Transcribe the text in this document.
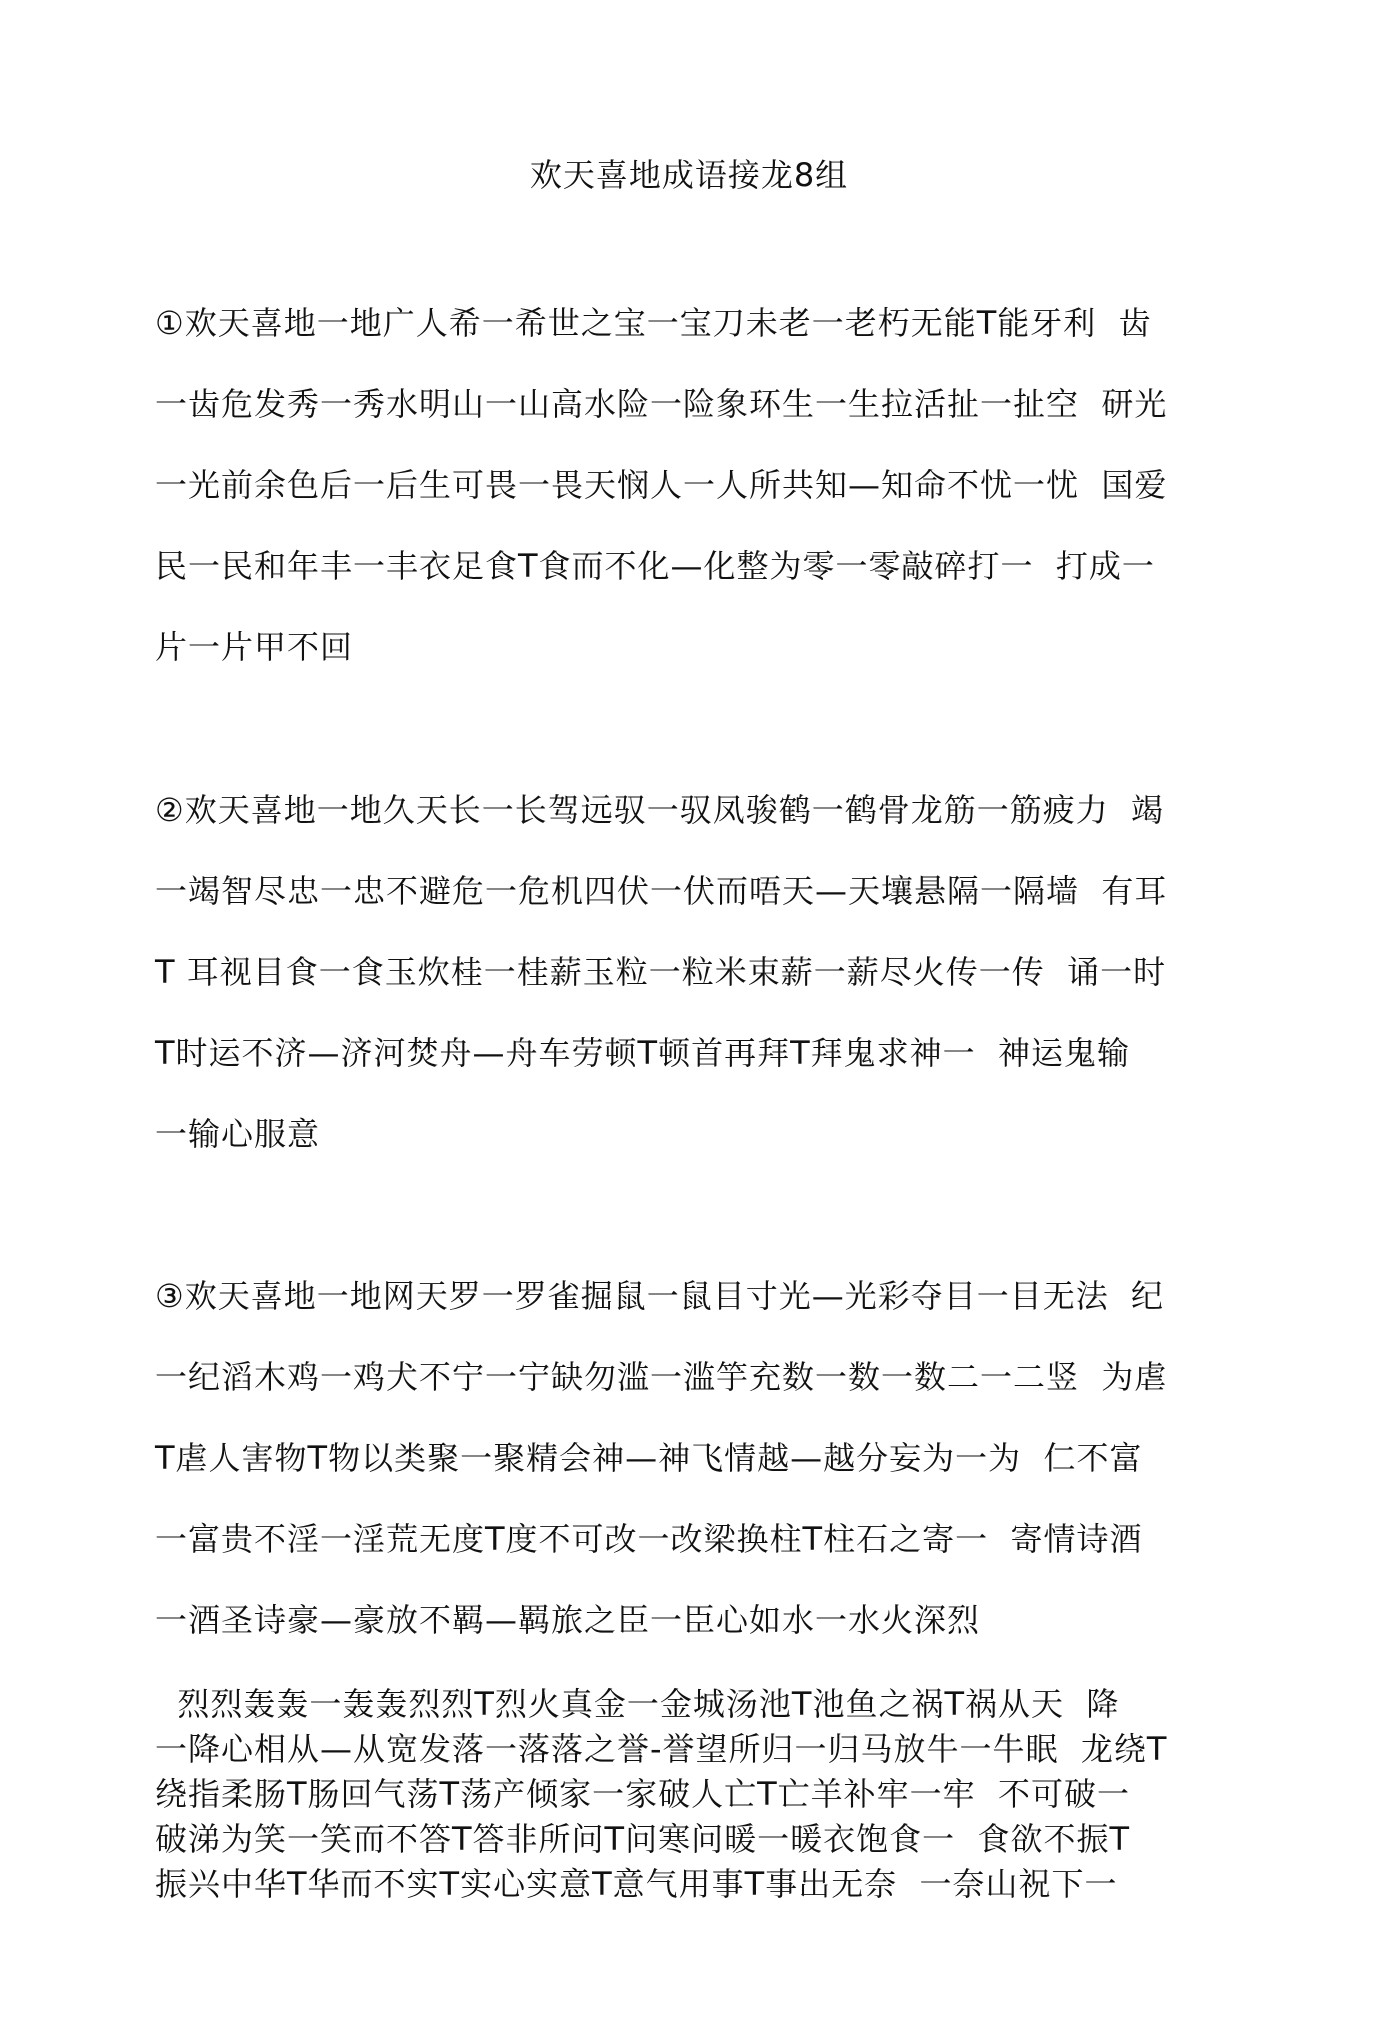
欢天喜地成语接龙8组
①欢天喜地一地广人希一希世之宝一宝刀未老一老朽无能T能牙利  齿
一齿危发秀一秀水明山一山高水险一险象环生一生拉活扯一扯空  研光
一光前余色后一后生可畏一畏天悯人一人所共知—知命不忧一忧  国爱
民一民和年丰一丰衣足食T食而不化—化整为零一零敲碎打一  打成一
片一片甲不回
②欢天喜地一地久天长一长驾远驭一驭凤骏鹤一鹤骨龙筋一筋疲力  竭
一竭智尽忠一忠不避危一危机四伏一伏而唔天—天壤悬隔一隔墙  有耳
T 耳视目食一食玉炊桂一桂薪玉粒一粒米束薪一薪尽火传一传  诵一时
T时运不济—济河焚舟—舟车劳顿T顿首再拜T拜鬼求神一  神运鬼输
一输心服意
③欢天喜地一地网天罗一罗雀掘鼠一鼠目寸光—光彩夺目一目无法  纪
一纪滔木鸡一鸡犬不宁一宁缺勿滥一滥竽充数一数一数二一二竖  为虐
T虐人害物T物以类聚一聚精会神—神飞情越—越分妄为一为  仁不富
一富贵不淫一淫荒无度T度不可改一改梁换柱T柱石之寄一  寄情诗酒
一酒圣诗豪—豪放不羁—羁旅之臣一臣心如水一水火深烈
烈烈轰轰一轰轰烈烈T烈火真金一金城汤池T池鱼之祸T祸从天  降
一降心相从—从宽发落一落落之誉-誉望所归一归马放牛一牛眠  龙绕T
绕指柔肠T肠回气荡T荡产倾家一家破人亡T亡羊补牢一牢  不可破一
破涕为笑一笑而不答T答非所问T问寒问暖一暖衣饱食一  食欲不振T
振兴中华T华而不实T实心实意T意气用事T事出无奈  一奈山祝下一
